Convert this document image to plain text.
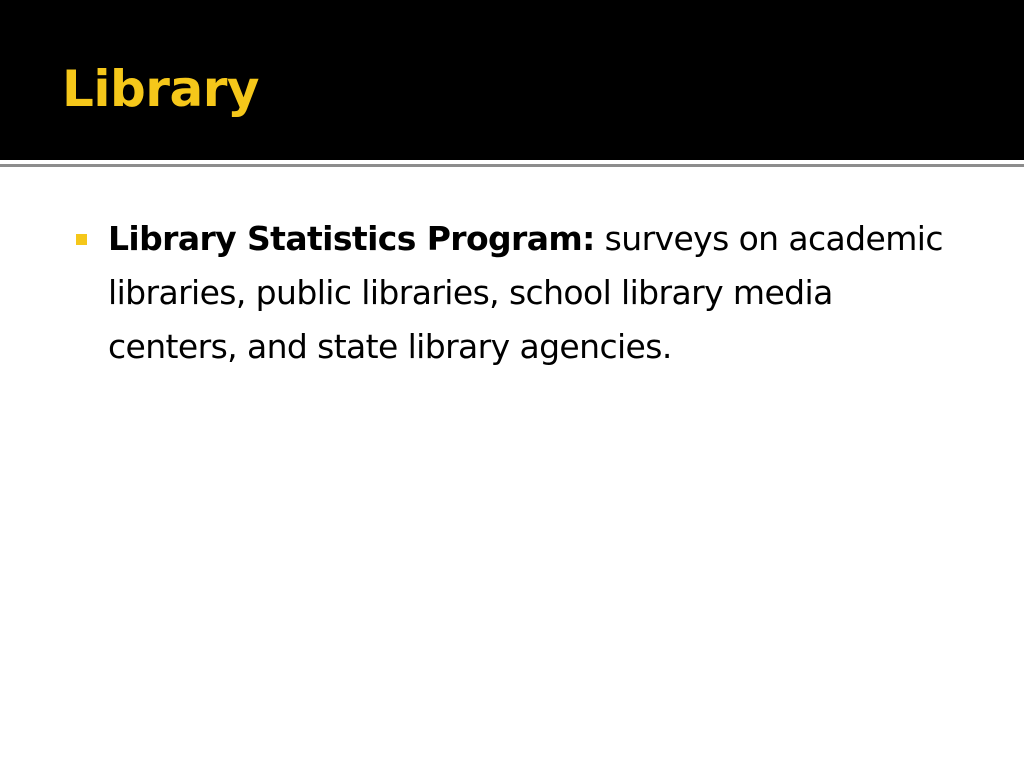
Library
Library Statistics Program: surveys on academic libraries, public libraries, school library media centers, and state library agencies.
